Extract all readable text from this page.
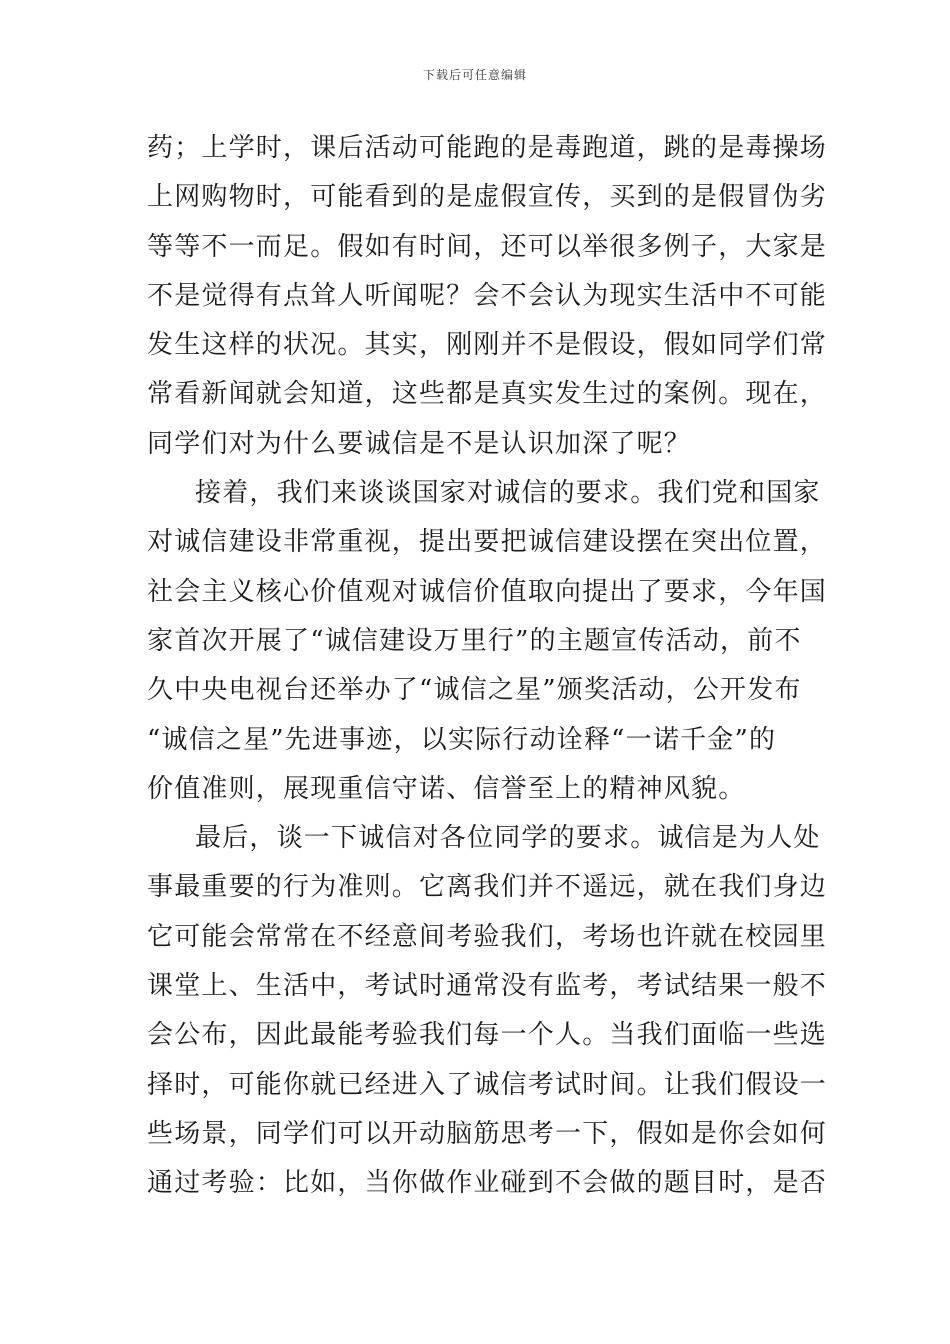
下载后可任意编辑
药；上学时，课后活动可能跑的是毒跑道，跳的是毒操场
上网购物时，可能看到的是虚假宣传，买到的是假冒伪劣
等等不一而足。假如有时间，还可以举很多例子，大家是
不是觉得有点耸人听闻呢？会不会认为现实生活中不可能
发生这样的状况。其实，刚刚并不是假设，假如同学们常
常看新闻就会知道，这些都是真实发生过的案例。现在，
同学们对为什么要诚信是不是认识加深了呢？
接着，我们来谈谈国家对诚信的要求。我们党和国家
对诚信建设非常重视，提出要把诚信建设摆在突出位置，
社会主义核心价值观对诚信价值取向提出了要求，今年国
家首次开展了“诚信建设万里行”的主题宣传活动，前不
久中央电视台还举办了“诚信之星”颁奖活动，公开发布
“诚信之星”先进事迹，以实际行动诠释“一诺千金”的
价值准则，展现重信守诺、信誉至上的精神风貌。
最后，谈一下诚信对各位同学的要求。诚信是为人处
事最重要的行为准则。它离我们并不遥远，就在我们身边
它可能会常常在不经意间考验我们，考场也许就在校园里
课堂上、生活中，考试时通常没有监考，考试结果一般不
会公布，因此最能考验我们每一个人。当我们面临一些选
择时，可能你就已经进入了诚信考试时间。让我们假设一
些场景，同学们可以开动脑筋思考一下，假如是你会如何
通过考验：比如，当你做作业碰到不会做的题目时，是否
